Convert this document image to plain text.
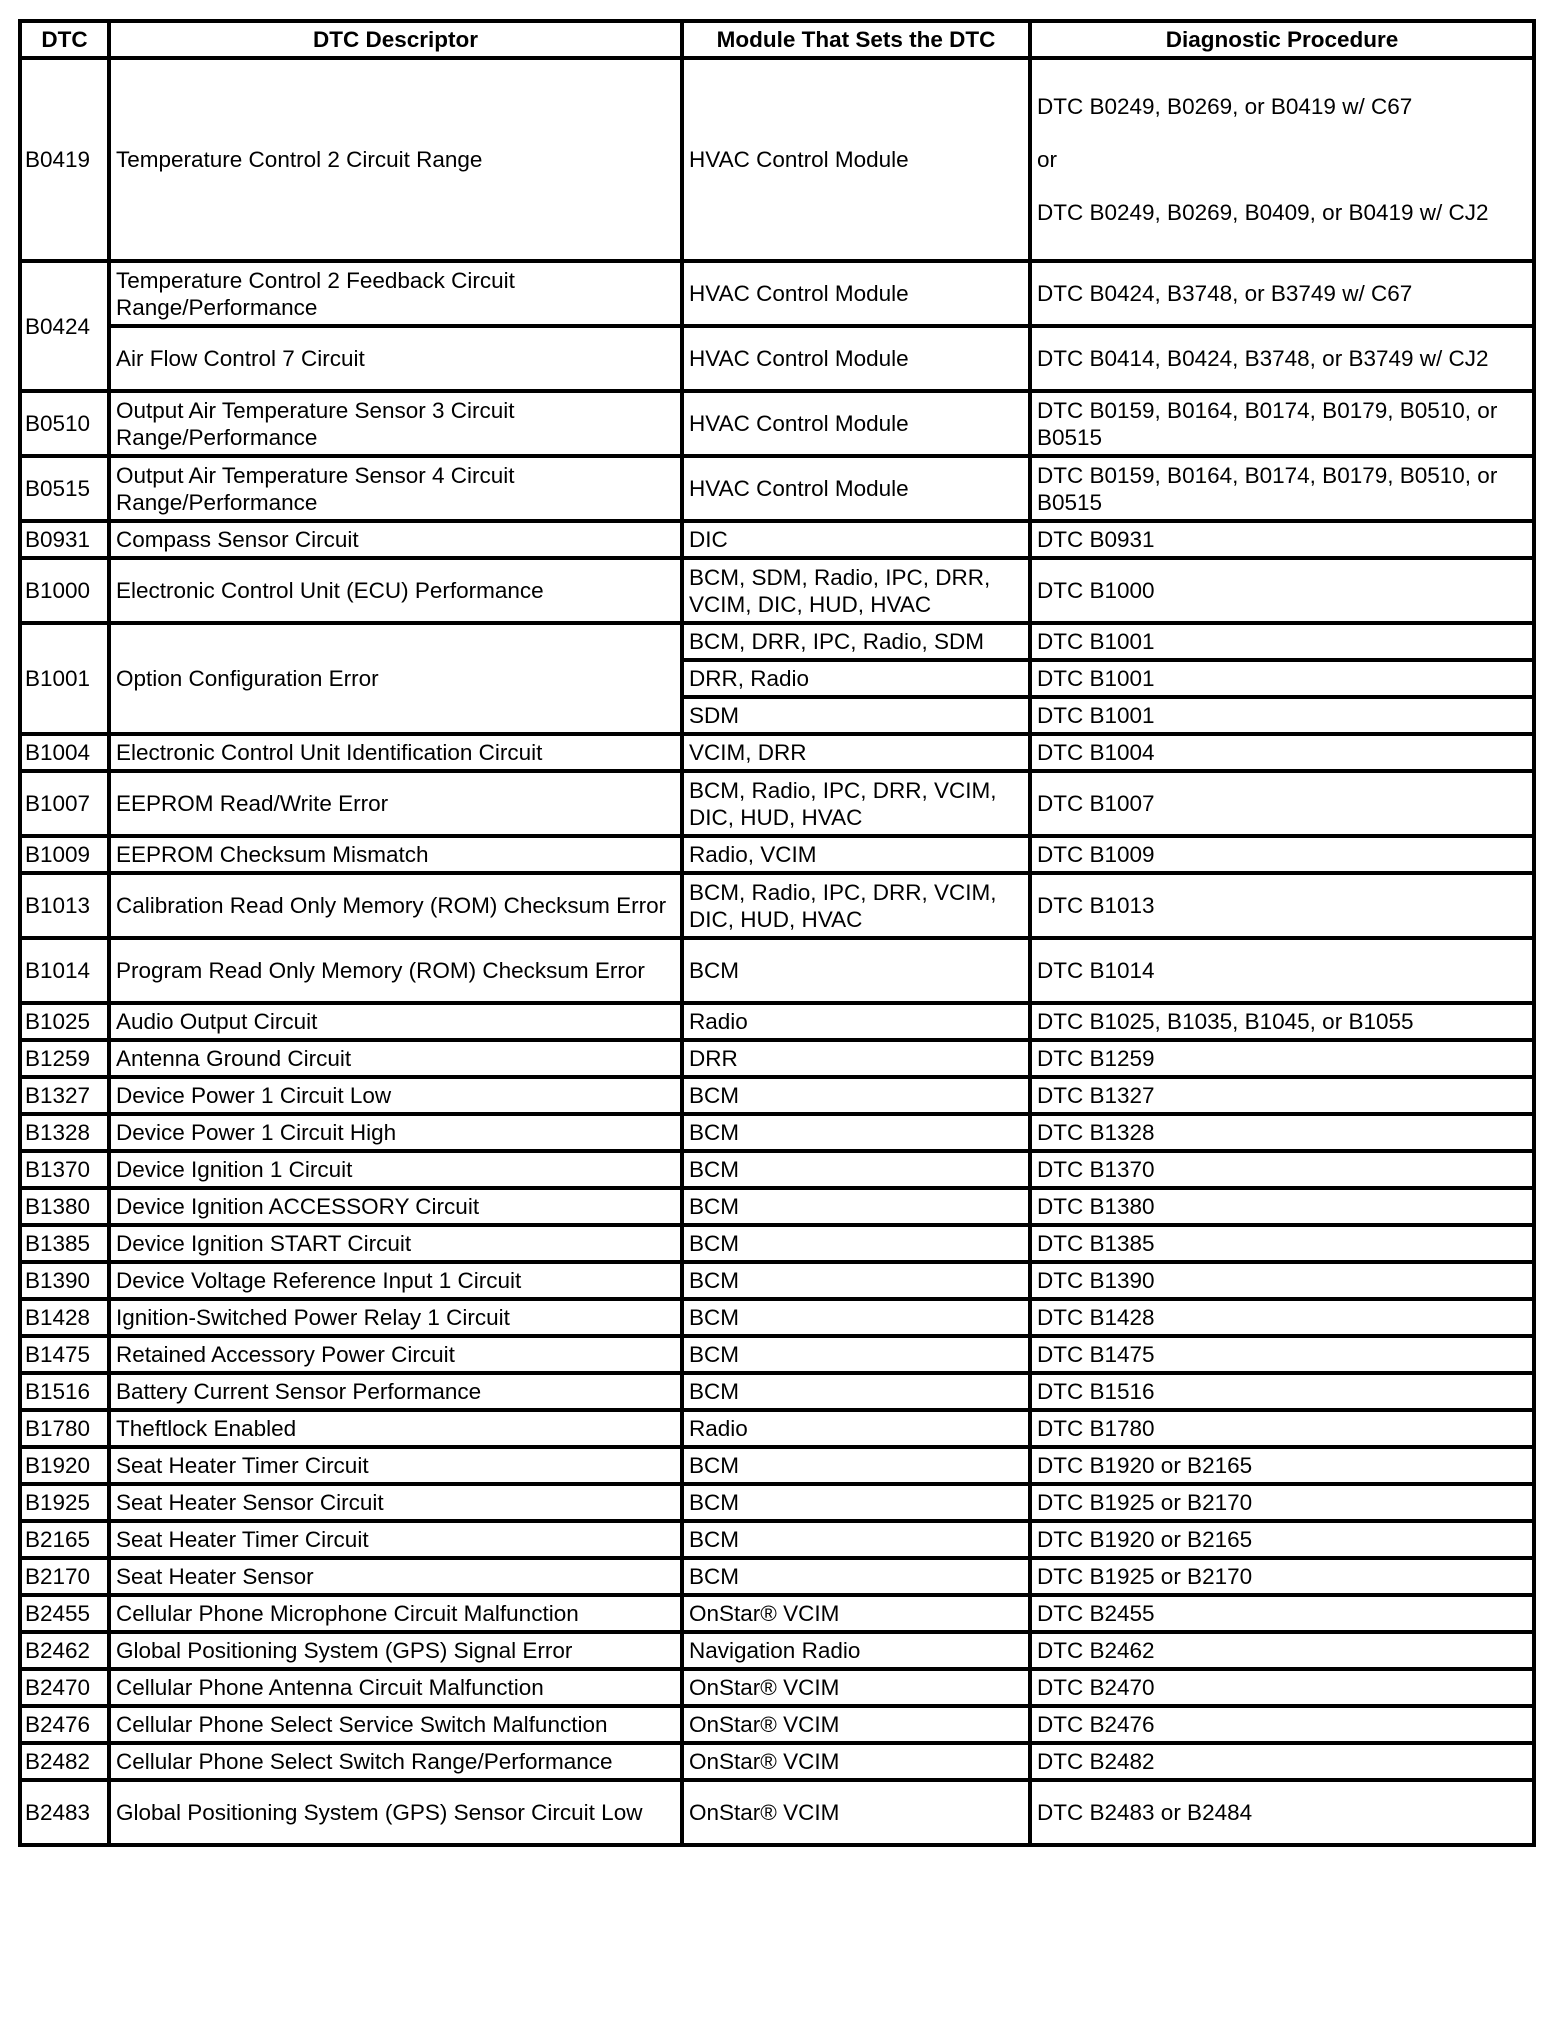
DTC	DTC Descriptor	Module That Sets the DTC	Diagnostic Procedure
B0419	Temperature Control 2 Circuit Range	HVAC Control Module	DTC B0249, B0269, or B0419 w/ C67
or
DTC B0249, B0269, B0409, or B0419 w/ CJ2

B0424	Temperature Control 2 Feedback Circuit Range/Performance	HVAC Control Module	DTC B0424, B3748, or B3749 w/ C67
	Air Flow Control 7 Circuit	HVAC Control Module	DTC B0414, B0424, B3748, or B3749 w/ CJ2
B0510	Output Air Temperature Sensor 3 Circuit Range/Performance	HVAC Control Module	DTC B0159, B0164, B0174, B0179, B0510, or B0515
B0515	Output Air Temperature Sensor 4 Circuit Range/Performance	HVAC Control Module	DTC B0159, B0164, B0174, B0179, B0510, or B0515
B0931	Compass Sensor Circuit	DIC	DTC B0931
B1000	Electronic Control Unit (ECU) Performance	BCM, SDM, Radio, IPC, DRR, VCIM, DIC, HUD, HVAC	DTC B1000
B1001	Option Configuration Error	BCM, DRR, IPC, Radio, SDM	DTC B1001
		DRR, Radio	DTC B1001
		SDM	DTC B1001
B1004	Electronic Control Unit Identification Circuit	VCIM, DRR	DTC B1004
B1007	EEPROM Read/Write Error	BCM, Radio, IPC, DRR, VCIM, DIC, HUD, HVAC	DTC B1007
B1009	EEPROM Checksum Mismatch	Radio, VCIM	DTC B1009
B1013	Calibration Read Only Memory (ROM) Checksum Error	BCM, Radio, IPC, DRR, VCIM, DIC, HUD, HVAC	DTC B1013
B1014	Program Read Only Memory (ROM) Checksum Error	BCM	DTC B1014
B1025	Audio Output Circuit	Radio	DTC B1025, B1035, B1045, or B1055
B1259	Antenna Ground Circuit	DRR	DTC B1259
B1327	Device Power 1 Circuit Low	BCM	DTC B1327
B1328	Device Power 1 Circuit High	BCM	DTC B1328
B1370	Device Ignition 1 Circuit	BCM	DTC B1370
B1380	Device Ignition ACCESSORY Circuit	BCM	DTC B1380
B1385	Device Ignition START Circuit	BCM	DTC B1385
B1390	Device Voltage Reference Input 1 Circuit	BCM	DTC B1390
B1428	Ignition-Switched Power Relay 1 Circuit	BCM	DTC B1428
B1475	Retained Accessory Power Circuit	BCM	DTC B1475
B1516	Battery Current Sensor Performance	BCM	DTC B1516
B1780	Theftlock Enabled	Radio	DTC B1780
B1920	Seat Heater Timer Circuit	BCM	DTC B1920 or B2165
B1925	Seat Heater Sensor Circuit	BCM	DTC B1925 or B2170
B2165	Seat Heater Timer Circuit	BCM	DTC B1920 or B2165
B2170	Seat Heater Sensor	BCM	DTC B1925 or B2170
B2455	Cellular Phone Microphone Circuit Malfunction	OnStar® VCIM	DTC B2455
B2462	Global Positioning System (GPS) Signal Error	Navigation Radio	DTC B2462
B2470	Cellular Phone Antenna Circuit Malfunction	OnStar® VCIM	DTC B2470
B2476	Cellular Phone Select Service Switch Malfunction	OnStar® VCIM	DTC B2476
B2482	Cellular Phone Select Switch Range/Performance	OnStar® VCIM	DTC B2482
B2483	Global Positioning System (GPS) Sensor Circuit Low	OnStar® VCIM	DTC B2483 or B2484
